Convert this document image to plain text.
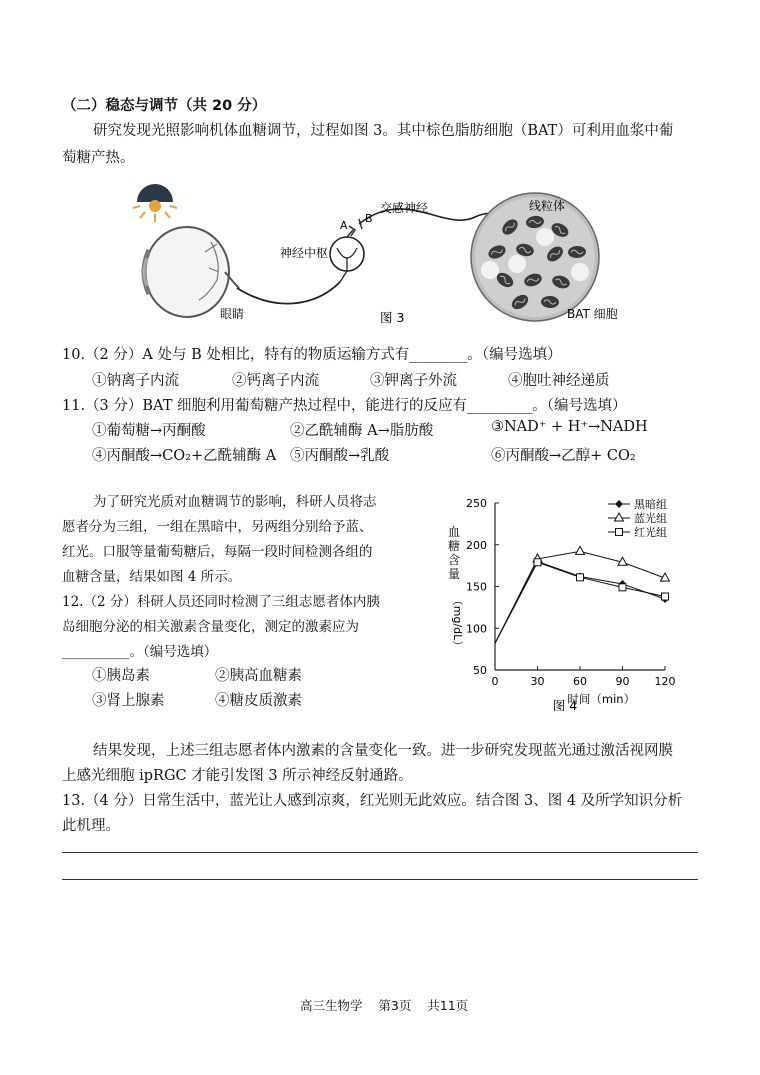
（二）稳态与调节（共 20 分）
研究发现光照影响机体血糖调节，过程如图 3。其中棕色脂肪细胞（BAT）可利用血浆中葡
萄糖产热。
神经中枢
眼睛
交感神经	线粒体
BAT 细胞
A
B
图 3
10.（2 分）A 处与 B 处相比，特有的物质运输方式有________。（编号选填）
①钠离子内流	②钙离子内流	③钾离子外流	④胞吐神经递质
11.（3 分）BAT 细胞利用葡萄糖产热过程中，能进行的反应有_________。（编号选填）
①葡萄糖→丙酮酸	②乙酰辅酶 A→脂肪酸	③NAD⁺ + H⁺→NADH
④丙酮酸→CO₂+乙酰辅酶 A ⑤丙酮酸→乳酸	⑥丙酮酸→乙醇+ CO₂
为了研究光质对血糖调节的影响，科研人员将志
愿者分为三组，一组在黑暗中，另两组分别给予蓝、
红光。口服等量葡萄糖后，每隔一段时间检测各组的
血糖含量，结果如图 4 所示。
12.（2 分）科研人员还同时检测了三组志愿者体内胰
岛细胞分泌的相关激素含量变化，测定的激素应为
__________。（编号选填）
①胰岛素	②胰高血糖素
③肾上腺素	④糖皮质激素
50
100
150
200
250
0	30	60	90 120
时间（min）
图 4
血
糖
含
量
（mg/dL）
黑暗组
蓝光组
红光组
结果发现，上述三组志愿者体内激素的含量变化一致。进一步研究发现蓝光通过激活视网膜
上感光细胞 ipRGC 才能引发图 3 所示神经反射通路。
13.（4 分）日常生活中，蓝光让人感到凉爽，红光则无此效应。结合图 3、图 4 及所学知识分析
此机理。
高三生物学    第3页    共11页
